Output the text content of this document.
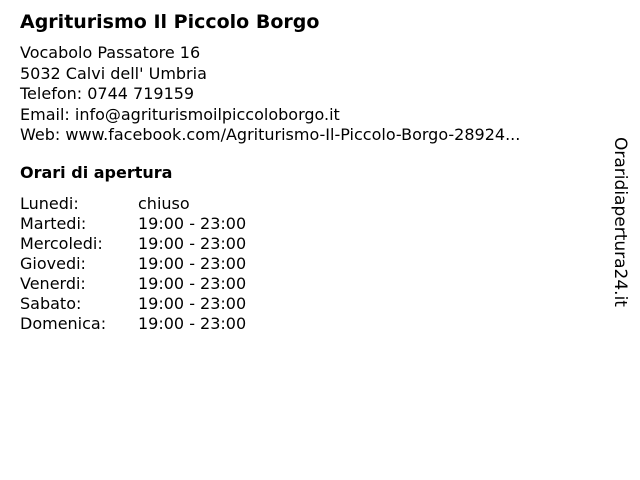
Agriturismo Il Piccolo Borgo
Vocabolo Passatore 16
5032 Calvi dell' Umbria
Telefon: 0744 719159
Email: info@agriturismoilpiccoloborgo.it
Web: www.facebook.com/Agriturismo-Il-Piccolo-Borgo-28924...
Orari di apertura
Lunedi:	chiuso
Martedi:	19:00 - 23:00
Mercoledi:	19:00 - 23:00
Giovedi:	19:00 - 23:00
Venerdi:	19:00 - 23:00
Sabato:	19:00 - 23:00
Domenica:	19:00 - 23:00
Oraridiapertura24.it
